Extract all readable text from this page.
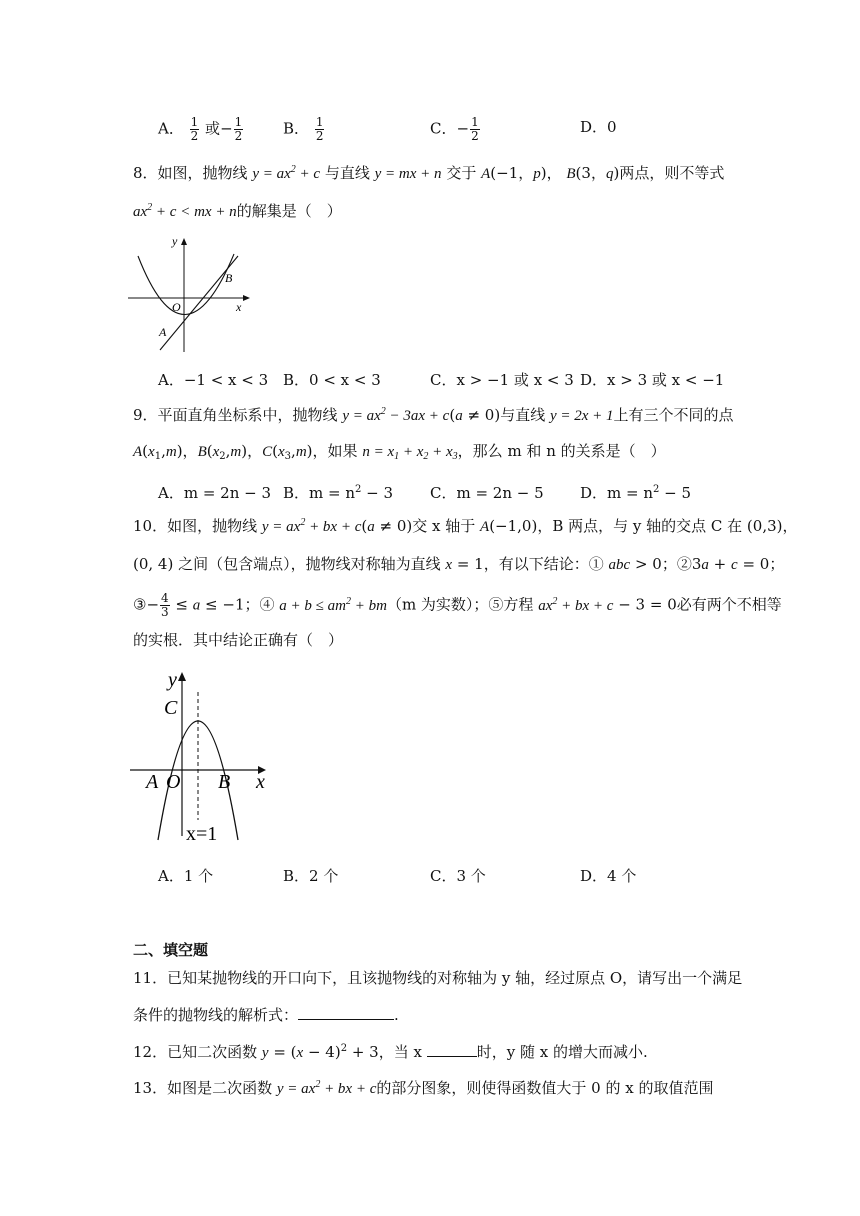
A． $\frac{1}{2}$ 或− $\frac{1}{2}$	B． $\frac{1}{2}$	C．− $\frac{1}{2}$	D．0
8．如图，抛物线 $y = ax^2 + c$ 与直线 y = mx + n 交于 A(−1，p)， B(3，q)两点，则不等式
$ax^2 + c$ < mx + n的解集是（　）
y
x
O
A
B
A．−1 < x < 3 B．0 < x < 3	C．x > −1 或 x < 3 D．x > 3 或 x < −1
9．平面直角坐标系中，抛物线 $y = ax^2 - 3ax + c(a \ne 0)$与直线 y = 2x + 1上有三个不同的点
$A(x_1,m)$，$B(x_2,m)$，$C(x_3,m)$，如果 $n = x_1 + x_2 + x_3$，那么 m 和 n 的关系是（　）
A．m = 2n − 3 B．$m = n^2 - 3$ C．m = 2n − 5 D．$m = n^2 - 5$
10．如图，抛物线 $y = ax^2$ + bx + c(a ≠ 0)交 x 轴于 A(−1,0)，B 两点，与 y 轴的交点 C 在 (0,3)，
(0, 4) 之间（包含端点），抛物线对称轴为直线 x = 1，有以下结论：① abc > 0；②3a + c = 0；
③− $\frac{4}{3} \le a \le -1$；④ $a + b \le am^2 + bm(m$ 为实数）；⑤方程 $ax^2$ + bx + c − 3 = 0必有两个不相等
的实根．其中结论正确有（　）
y
x
C
A O B
x=1
A．1 个	B．2 个	C．3 个	D．4 个
二、填空题
11．已知某抛物线的开口向下，且该抛物线的对称轴为 y 轴，经过原点 O，请写出一个满足
条件的抛物线的解析式：	.
12．已知二次函数 $y = (x - 4)^2 + 3$，当 x	时，y 随 x 的增大而减小.
13．如图是二次函数 $y = ax^2$ + bx + c的部分图象，则使得函数值大于 0 的 x 的取值范围
